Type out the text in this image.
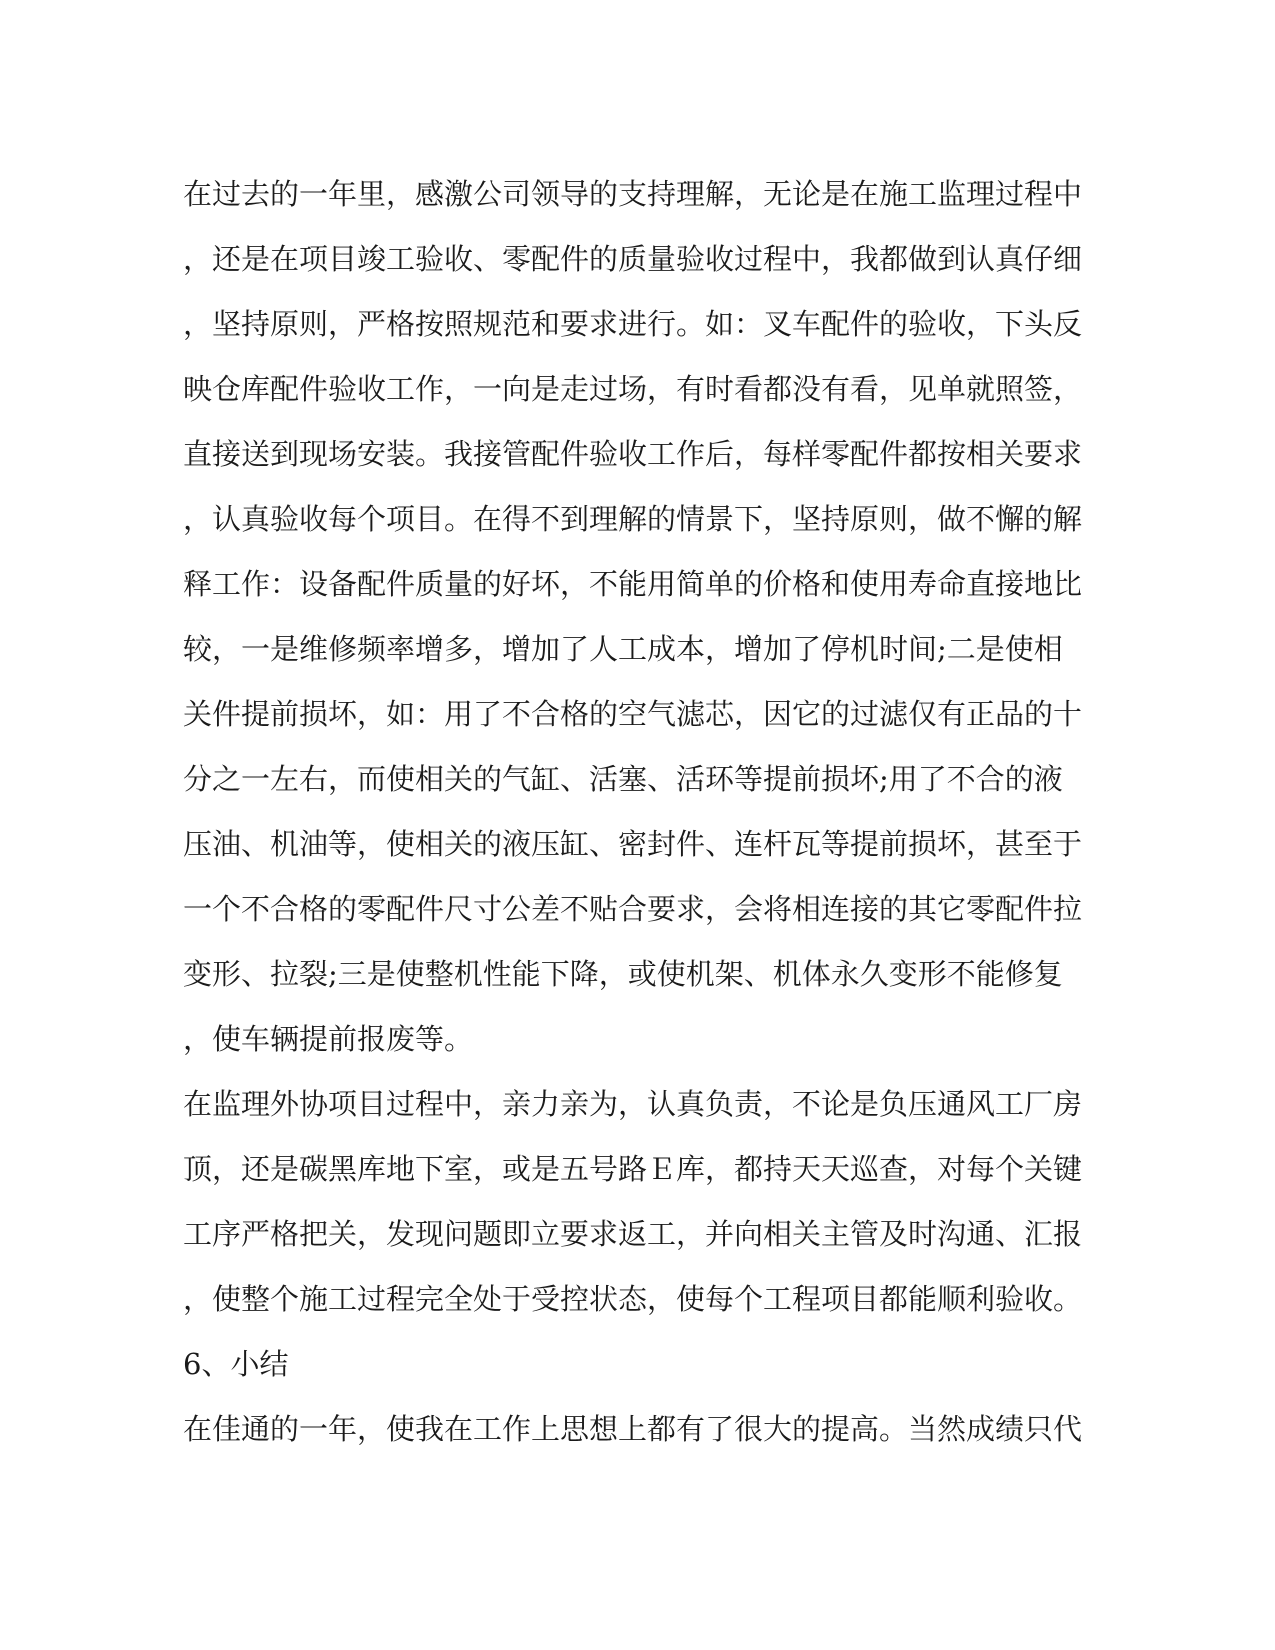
在过去的一年里，感激公司领导的支持理解，无论是在施工监理过程中
，还是在项目竣工验收、零配件的质量验收过程中，我都做到认真仔细
，坚持原则，严格按照规范和要求进行。如：叉车配件的验收，下头反
映仓库配件验收工作，一向是走过场，有时看都没有看，见单就照签，
直接送到现场安装。我接管配件验收工作后，每样零配件都按相关要求
，认真验收每个项目。在得不到理解的情景下，坚持原则，做不懈的解
释工作：设备配件质量的好坏，不能用简单的价格和使用寿命直接地比
较，一是维修频率增多，增加了人工成本，增加了停机时间;二是使相
关件提前损坏，如：用了不合格的空气滤芯，因它的过滤仅有正品的十
分之一左右，而使相关的气缸、活塞、活环等提前损坏;用了不合的液
压油、机油等，使相关的液压缸、密封件、连杆瓦等提前损坏，甚至于
一个不合格的零配件尺寸公差不贴合要求，会将相连接的其它零配件拉
变形、拉裂;三是使整机性能下降，或使机架、机体永久变形不能修复
，使车辆提前报废等。
在监理外协项目过程中，亲力亲为，认真负责，不论是负压通风工厂房
顶，还是碳黑库地下室，或是五号路Ｅ库，都持天天巡查，对每个关键
工序严格把关，发现问题即立要求返工，并向相关主管及时沟通、汇报
，使整个施工过程完全处于受控状态，使每个工程项目都能顺利验收。
6、小结
在佳通的一年，使我在工作上思想上都有了很大的提高。当然成绩只代
